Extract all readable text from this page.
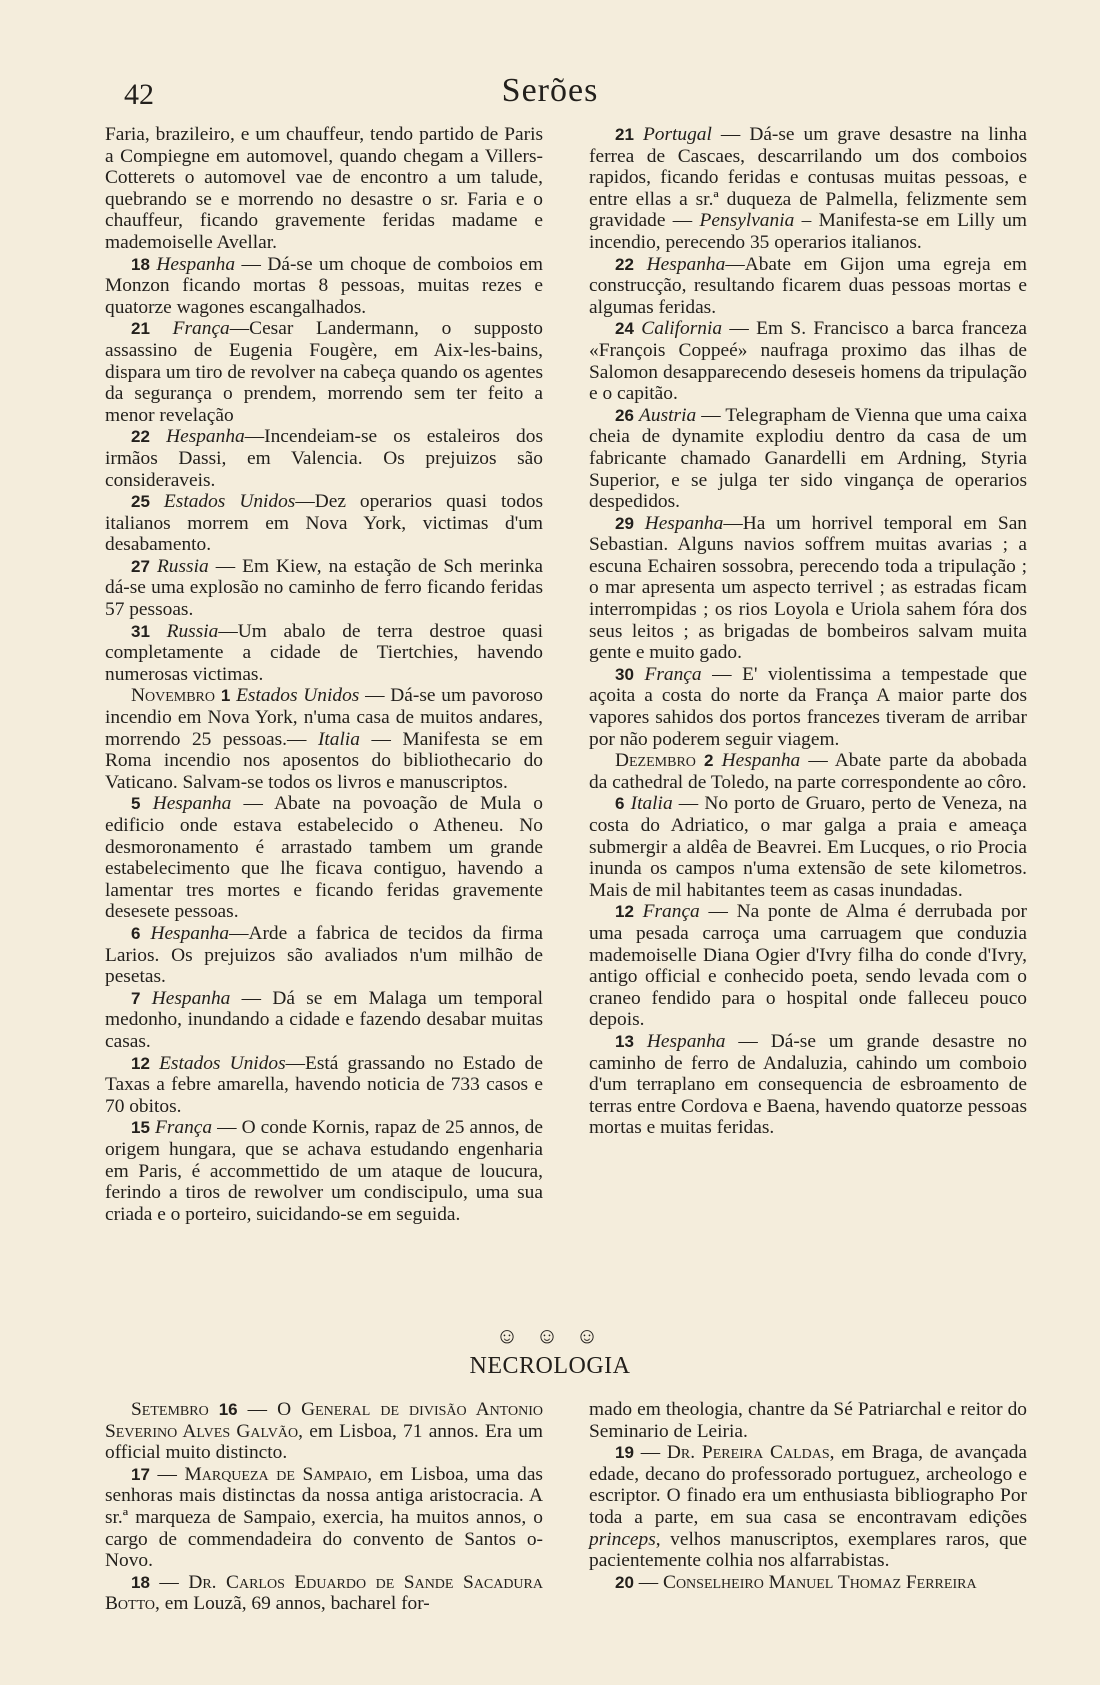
42	Serões

Faria, brazileiro, e um chauffeur, tendo partido de Paris a Compiegne em automovel, quando chegam a Villers-Cotterets o automovel vae de encontro a um talude, quebrando se e morrendo no desastre o sr. Faria e o chauffeur, ficando gravemente feridas madame e mademoiselle Avellar.

18 Hespanha — Dá-se um choque de comboios em Monzon ficando mortas 8 pessoas, muitas rezes e quatorze wagones escangalhados.

21 França—Cesar Landermann, o supposto assassino de Eugenia Fougère, em Aix-les-bains, dispara um tiro de revolver na cabeça quando os agentes da segurança o prendem, morrendo sem ter feito a menor revelação

22 Hespanha—Incendeiam-se os estaleiros dos irmãos Dassi, em Valencia. Os prejuizos são consideraveis.

25 Estados Unidos—Dez operarios quasi todos italianos morrem em Nova York, victimas d'um desabamento.

27 Russia — Em Kiew, na estação de Sch merinka dá-se uma explosão no caminho de ferro ficando feridas 57 pessoas.

31 Russia—Um abalo de terra destroe quasi completamente a cidade de Tiertchies, havendo numerosas victimas.

Novembro 1 Estados Unidos — Dá-se um pavoroso incendio em Nova York, n'uma casa de muitos andares, morrendo 25 pessoas.— Italia — Manifesta se em Roma incendio nos aposentos do bibliothecario do Vaticano. Salvam-se todos os livros e manuscriptos.

5 Hespanha — Abate na povoação de Mula o edificio onde estava estabelecido o Atheneu. No desmoronamento é arrastado tambem um grande estabelecimento que lhe ficava contiguo, havendo a lamentar tres mortes e ficando feridas gravemente desesete pessoas.

6 Hespanha—Arde a fabrica de tecidos da firma Larios. Os prejuizos são avaliados n'um milhão de pesetas.

7 Hespanha — Dá se em Malaga um temporal medonho, inundando a cidade e fazendo desabar muitas casas.

12 Estados Unidos—Está grassando no Estado de Taxas a febre amarella, havendo noticia de 733 casos e 70 obitos.

15 França — O conde Kornis, rapaz de 25 annos, de origem hungara, que se achava estudando engenharia em Paris, é accommettido de um ataque de loucura, ferindo a tiros de rewolver um condiscipulo, uma sua criada e o porteiro, suicidando-se em seguida.

21 Portugal — Dá-se um grave desastre na linha ferrea de Cascaes, descarrilando um dos comboios rapidos, ficando feridas e contusas muitas pessoas, e entre ellas a sr.ª duqueza de Palmella, felizmente sem gravidade — Pensylvania – Manifesta-se em Lilly um incendio, perecendo 35 operarios italianos.

22 Hespanha—Abate em Gijon uma egreja em construcção, resultando ficarem duas pessoas mortas e algumas feridas.

24 California — Em S. Francisco a barca franceza «François Coppeé» naufraga proximo das ilhas de Salomon desapparecendo deseseis homens da tripulação e o capitão.

26 Austria — Telegrapham de Vienna que uma caixa cheia de dynamite explodiu dentro da casa de um fabricante chamado Ganardelli em Ardning, Styria Superior, e se julga ter sido vingança de operarios despedidos.

29 Hespanha—Ha um horrivel temporal em San Sebastian. Alguns navios soffrem muitas avarias ; a escuna Echairen sossobra, perecendo toda a tripulação ; o mar apresenta um aspecto terrivel ; as estradas ficam interrompidas ; os rios Loyola e Uriola sahem fóra dos seus leitos ; as brigadas de bombeiros salvam muita gente e muito gado.

30 França — E' violentissima a tempestade que açoita a costa do norte da França A maior parte dos vapores sahidos dos portos francezes tiveram de arribar por não poderem seguir viagem.

Dezembro 2 Hespanha — Abate parte da abobada da cathedral de Toledo, na parte correspondente ao côro.

6 Italia — No porto de Gruaro, perto de Veneza, na costa do Adriatico, o mar galga a praia e ameaça submergir a aldêa de Beavrei. Em Lucques, o rio Procia inunda os campos n'uma extensão de sete kilometros. Mais de mil habitantes teem as casas inundadas.

12 França — Na ponte de Alma é derrubada por uma pesada carroça uma carruagem que conduzia mademoiselle Diana Ogier d'Ivry filha do conde d'Ivry, antigo official e conhecido poeta, sendo levada com o craneo fendido para o hospital onde falleceu pouco depois.

13 Hespanha — Dá-se um grande desastre no caminho de ferro de Andaluzia, cahindo um comboio d'um terraplano em consequencia de esbroamento de terras entre Cordova e Baena, havendo quatorze pessoas mortas e muitas feridas.

☺ ☺ ☺
NECROLOGIA

Setembro 16 — O General de divisão Antonio Severino Alves Galvão, em Lisboa, 71 annos. Era um official muito distincto.

17 — Marqueza de Sampaio, em Lisboa, uma das senhoras mais distinctas da nossa antiga aristocracia. A sr.ª marqueza de Sampaio, exercia, ha muitos annos, o cargo de commendadeira do convento de Santos o-Novo.

18 — Dr. Carlos Eduardo de Sande Sacadura Botto, em Louzã, 69 annos, bacharel for-

mado em theologia, chantre da Sé Patriarchal e reitor do Seminario de Leiria.

19 — Dr. Pereira Caldas, em Braga, de avançada edade, decano do professorado portuguez, archeologo e escriptor. O finado era um enthusiasta bibliographo Por toda a parte, em sua casa se encontravam edições princeps, velhos manuscriptos, exemplares raros, que pacientemente colhia nos alfarrabistas.

20 — Conselheiro Manuel Thomaz Ferreira
